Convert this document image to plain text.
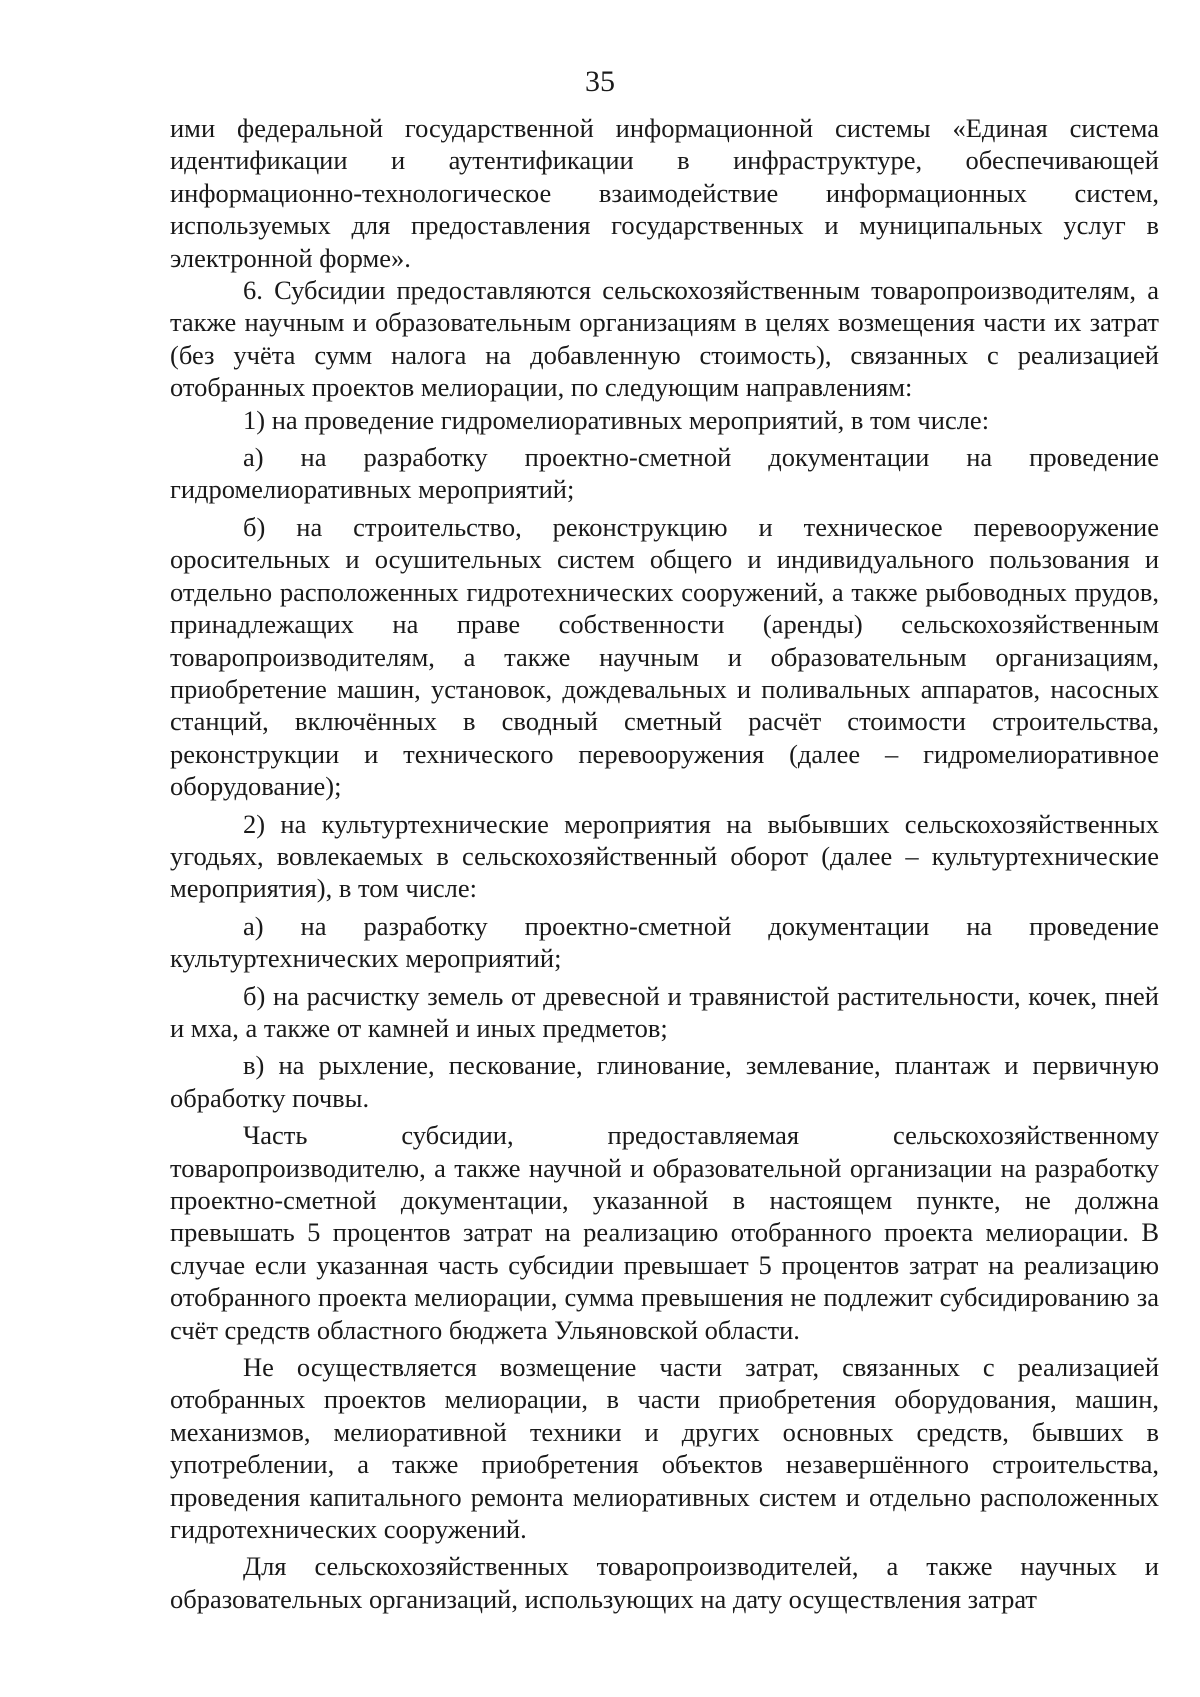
35

ими федеральной государственной информационной системы «Единая система идентификации и аутентификации в инфраструктуре, обеспечивающей информационно-технологическое взаимодействие информационных систем, используемых для предоставления государственных и муниципальных услуг в электронной форме».

6. Субсидии предоставляются сельскохозяйственным товаропроизводителям, а также научным и образовательным организациям в целях возмещения части их затрат (без учёта сумм налога на добавленную стоимость), связанных с реализацией отобранных проектов мелиорации, по следующим направлениям:

1) на проведение гидромелиоративных мероприятий, в том числе:

а) на разработку проектно-сметной документации на проведение гидромелиоративных мероприятий;

б) на строительство, реконструкцию и техническое перевооружение оросительных и осушительных систем общего и индивидуального пользования и отдельно расположенных гидротехнических сооружений, а также рыбоводных прудов, принадлежащих на праве собственности (аренды) сельскохозяйственным товаропроизводителям, а также научным и образовательным организациям, приобретение машин, установок, дождевальных и поливальных аппаратов, насосных станций, включённых в сводный сметный расчёт стоимости строительства, реконструкции и технического перевооружения (далее – гидромелиоративное оборудование);

2) на культуртехнические мероприятия на выбывших сельскохозяйственных угодьях, вовлекаемых в сельскохозяйственный оборот (далее – культуртехнические мероприятия), в том числе:

а) на разработку проектно-сметной документации на проведение культуртехнических мероприятий;

б) на расчистку земель от древесной и травянистой растительности, кочек, пней и мха, а также от камней и иных предметов;

в) на рыхление, пескование, глинование, землевание, плантаж и первичную обработку почвы.

Часть субсидии, предоставляемая сельскохозяйственному товаропроизводителю, а также научной и образовательной организации на разработку проектно-сметной документации, указанной в настоящем пункте, не должна превышать 5 процентов затрат на реализацию отобранного проекта мелиорации. В случае если указанная часть субсидии превышает 5 процентов затрат на реализацию отобранного проекта мелиорации, сумма превышения не подлежит субсидированию за счёт средств областного бюджета Ульяновской области.

Не осуществляется возмещение части затрат, связанных с реализацией отобранных проектов мелиорации, в части приобретения оборудования, машин, механизмов, мелиоративной техники и других основных средств, бывших в употреблении, а также приобретения объектов незавершённого строительства, проведения капитального ремонта мелиоративных систем и отдельно расположенных гидротехнических сооружений.

Для сельскохозяйственных товаропроизводителей, а также научных и образовательных организаций, использующих на дату осуществления затрат
